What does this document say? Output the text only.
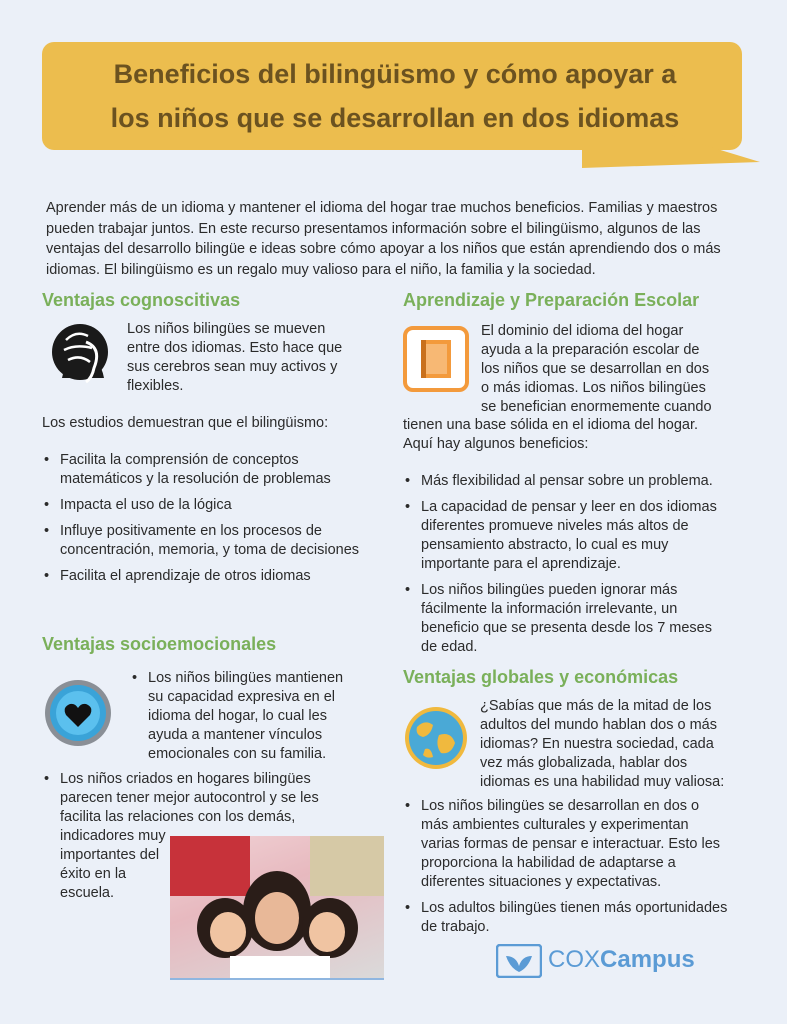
Beneficios del bilingüismo y cómo apoyar a
los niños que se desarrollan en dos idiomas

Aprender más de un idioma y mantener el idioma del hogar trae muchos beneficios. Familias y maestros pueden trabajar juntos. En este recurso presentamos información sobre el bilingüismo, algunos de las ventajas del desarrollo bilingüe e ideas sobre cómo apoyar a los niños que están aprendiendo dos o más idiomas. El bilingüismo es un regalo muy valioso para el niño, la familia y la sociedad.

Ventajas cognoscitivas

Los niños bilingües se mueven entre dos idiomas. Esto hace que sus cerebros sean muy activos y flexibles.

Los estudios demuestran que el bilingüismo:

• Facilita la comprensión de conceptos matemáticos y la resolución de problemas
• Impacta el uso de la lógica
• Influye positivamente en los procesos de concentración, memoria, y toma de decisiones
• Facilita el aprendizaje de otros idiomas
Ventajas socioemocionales
• Los niños bilingües mantienen su capacidad expresiva en el idioma del hogar, lo cual les ayuda a mantener vínculos emocionales con su familia.
• Los niños criados en hogares bilingües parecen tener mejor autocontrol y se les facilita las relaciones con los demás,

indicadores muy importantes del éxito en la escuela.

Aprendizaje y Preparación Escolar

El dominio del idioma del hogar ayuda a la preparación escolar de los niños que se desarrollan en dos o más idiomas. Los niños bilingües se benefician enormemente cuando

tienen una base sólida en el idioma del hogar. Aquí hay algunos beneficios:

• Más flexibilidad al pensar sobre un problema.
• La capacidad de pensar y leer en dos idiomas diferentes promueve niveles más altos de pensamiento abstracto, lo cual es muy importante para el aprendizaje.
• Los niños bilingües pueden ignorar más fácilmente la información irrelevante, un beneficio que se presenta desde los 7 meses de edad.
Ventajas globales y económicas

¿Sabías que más de la mitad de los adultos del mundo hablan dos o más idiomas? En nuestra sociedad, cada vez más globalizada, hablar dos idiomas es una habilidad muy valiosa:

• Los niños bilingües se desarrollan en dos o más ambientes culturales y experimentan varias formas de pensar e interactuar. Esto les proporciona la habilidad de adaptarse a diferentes situaciones y expectativas.
• Los adultos bilingües tienen más oportunidades de trabajo.
COXCampus
